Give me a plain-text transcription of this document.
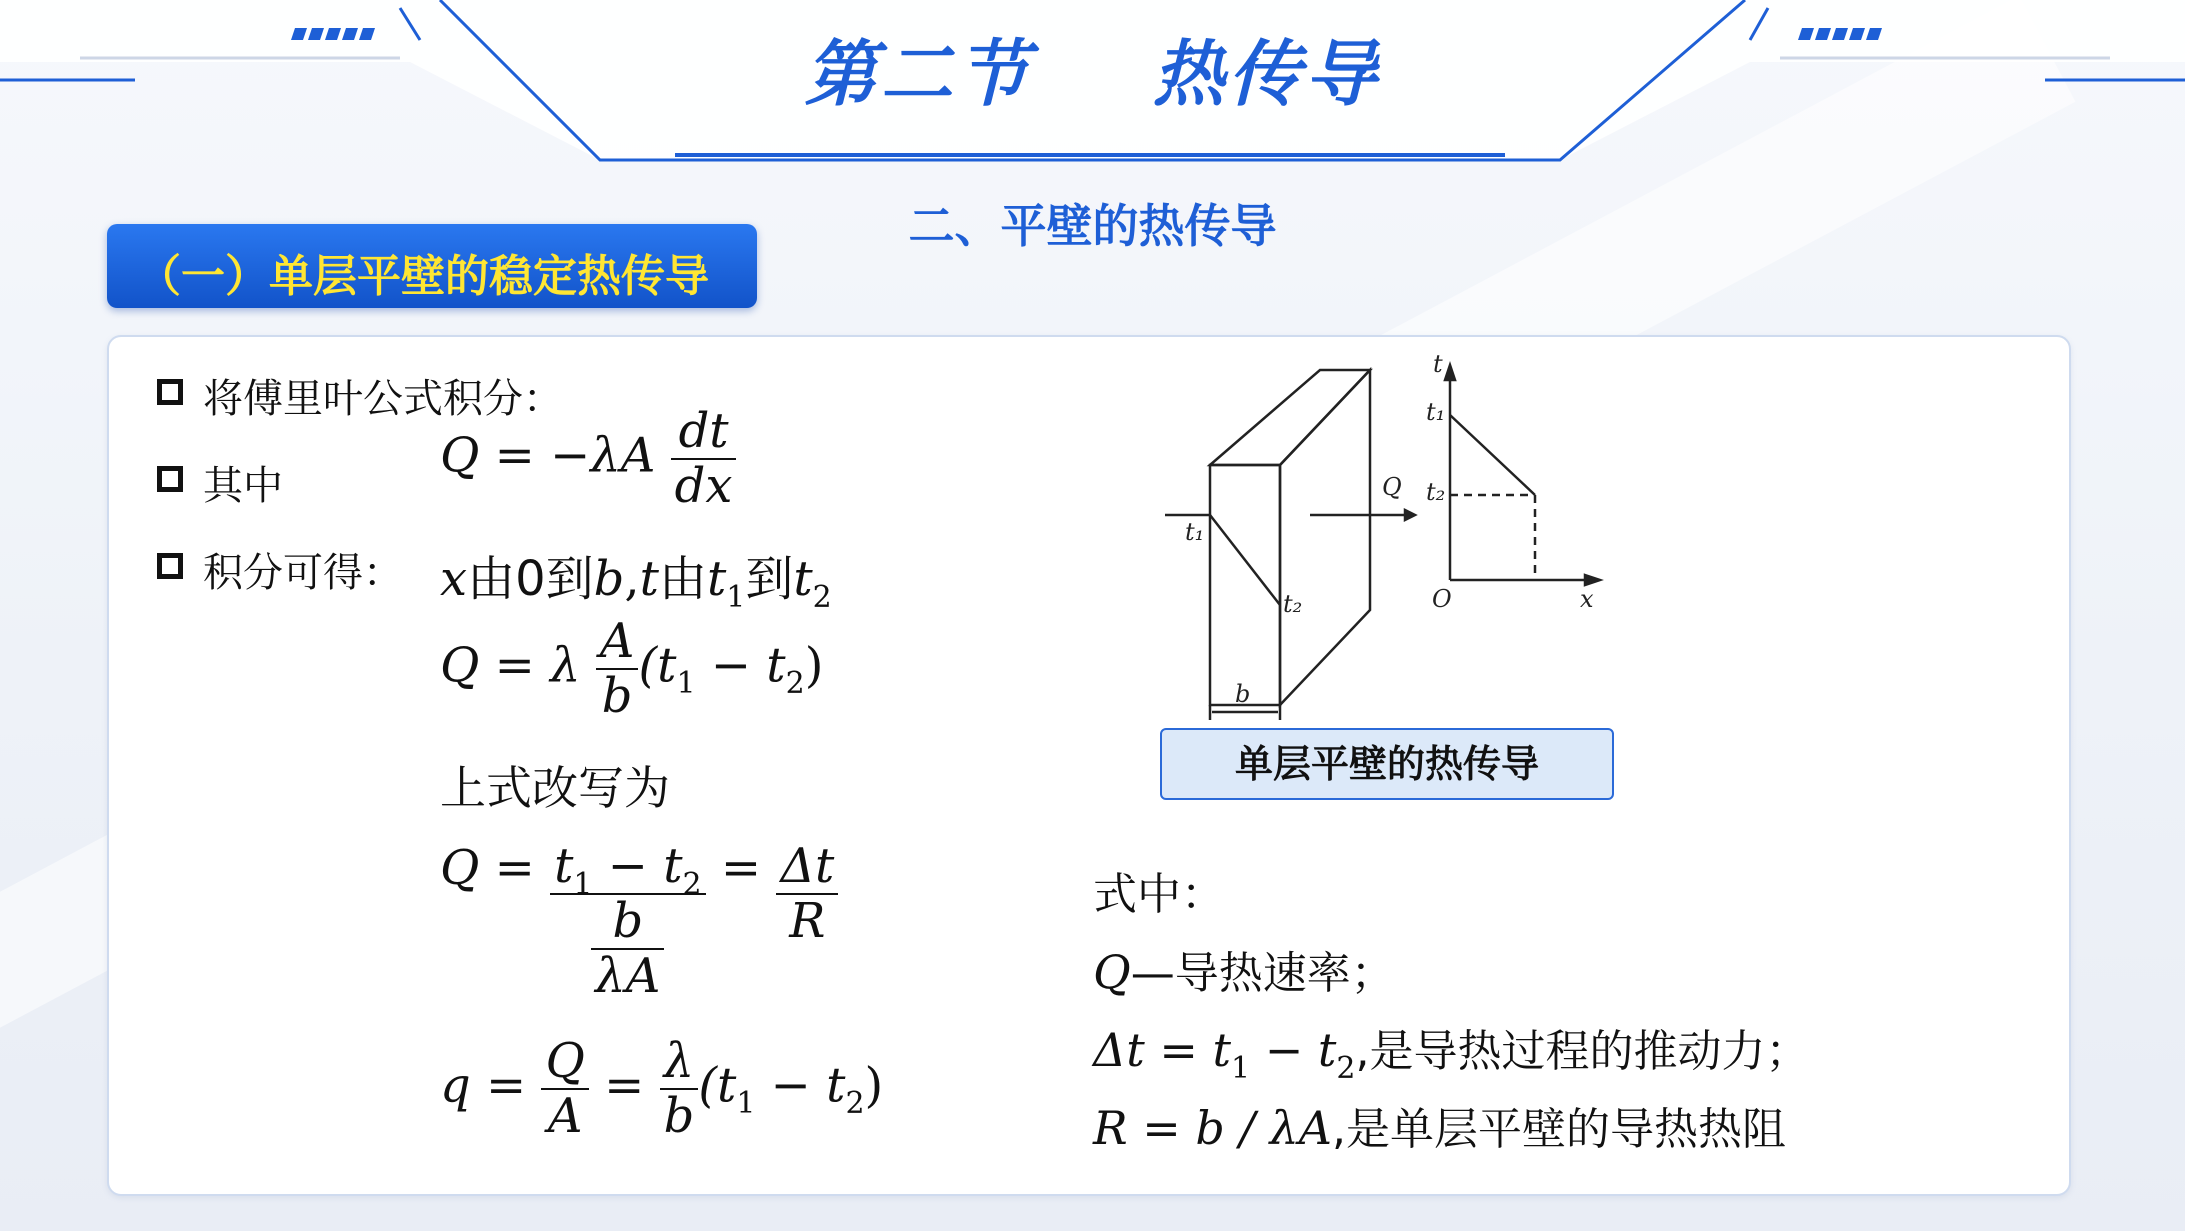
第二节 热传导
二、平壁的热传导
（一）单层平壁的稳定热传导
将傅里叶公式积分：
其中
积分可得：
$Q = -\lambda A \frac{dt}{dx}$
x由0到b,t由$t_1$到$t_2$
Q = λ $\frac{A}{b} (t_1 - t_2)$
上式改写为
$Q = \frac{t_1 - t_2}{\frac{b}{\lambda A}} = \frac{\Delta t}{R}$
$q = \frac{Q}{A} = \frac{\lambda}{b} (t_1 - t_2)$
t₁
t₂
Q
b
t
t₁
t₂
O	x
单层平壁的热传导
式中：
Q—导热速率；
$\Delta t = t_1 - t_2$,是导热过程的推动力；
R = b / λA,是单层平壁的导热热阻
